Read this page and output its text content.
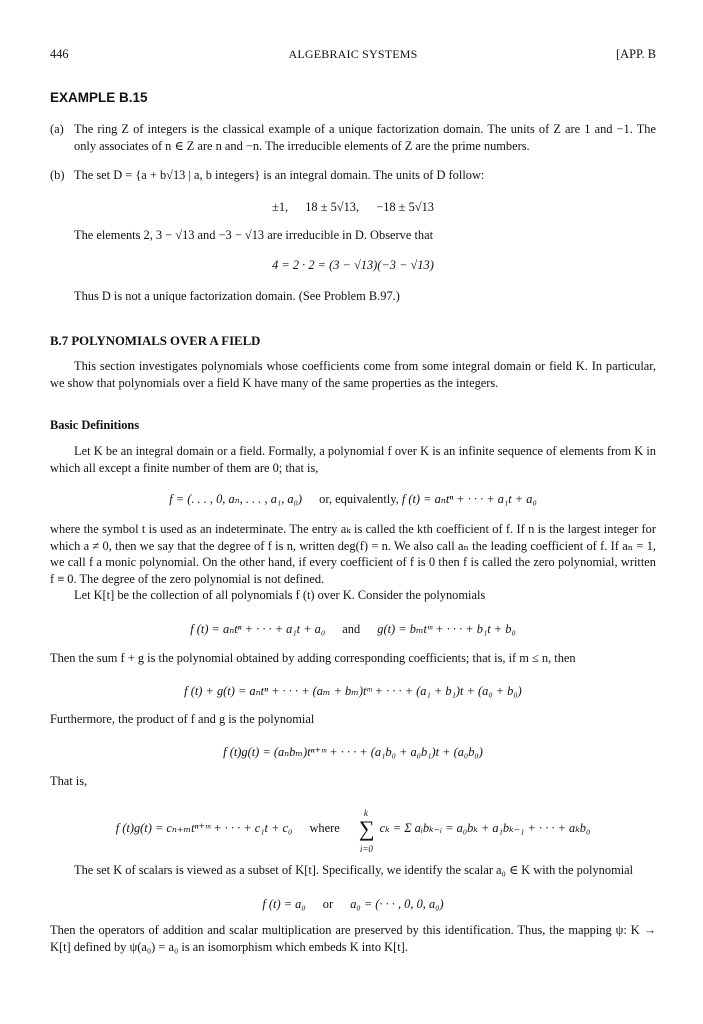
446	ALGEBRAIC SYSTEMS	[APP. B
EXAMPLE B.15
(a) The ring Z of integers is the classical example of a unique factorization domain. The units of Z are 1 and −1. The only associates of n ∈ Z are n and −n. The irreducible elements of Z are the prime numbers.
(b) The set D = {a + b√13 | a, b integers} is an integral domain. The units of D follow:
±1, 18 ± 5√13, −18 ± 5√13
The elements 2, 3 − √13 and −3 − √13 are irreducible in D. Observe that
4 = 2 · 2 = (3 − √13)(−3 − √13)
Thus D is not a unique factorization domain. (See Problem B.97.)
B.7 POLYNOMIALS OVER A FIELD
This section investigates polynomials whose coefficients come from some integral domain or field K. In particular, we show that polynomials over a field K have many of the same properties as the integers.
Basic Definitions
Let K be an integral domain or a field. Formally, a polynomial f over K is an infinite sequence of elements from K in which all except a finite number of them are 0; that is,
f = (. . . , 0, aₙ, . . . , a₁, a₀) or, equivalently, f (t) = aₙtⁿ + · · · + a₁t + a₀
where the symbol t is used as an indeterminate. The entry aₖ is called the kth coefficient of f. If n is the largest integer for which a ≠ 0, then we say that the degree of f is n, written deg(f) = n. We also call aₙ the leading coefficient of f. If aₙ = 1, we call f a monic polynomial. On the other hand, if every coefficient of f is 0 then f is called the zero polynomial, written f ≡ 0. The degree of the zero polynomial is not defined.
Let K[t] be the collection of all polynomials f (t) over K. Consider the polynomials
f (t) = aₙtⁿ + · · · + a₁t + a₀ and g(t) = bₘtᵐ + · · · + b₁t + b₀
Then the sum f + g is the polynomial obtained by adding corresponding coefficients; that is, if m ≤ n, then
f (t) + g(t) = aₙtⁿ + · · · + (aₘ + bₘ)tᵐ + · · · + (a₁ + b₁)t + (a₀ + b₀)
Furthermore, the product of f and g is the polynomial
f (t)g(t) = (aₙbₘ)tⁿ⁺ᵐ + · · · + (a₁b₀ + a₀b₁)t + (a₀b₀)
That is,
f (t)g(t) = cₙ₊ₘtⁿ⁺ᵐ + · · · + c₁t + c₀ where ∑
k
i=0
cₖ = Σ aᵢbₖ₋ᵢ = a₀bₖ + a₁bₖ₋₁ + · · · + aₖb₀
The set K of scalars is viewed as a subset of K[t]. Specifically, we identify the scalar a₀ ∈ K with the polynomial
f (t) = a₀ or a₀ = (· · · , 0, 0, a₀)
Then the operators of addition and scalar multiplication are preserved by this identification. Thus, the mapping ψ: K → K[t] defined by ψ(a₀) = a₀ is an isomorphism which embeds K into K[t].
